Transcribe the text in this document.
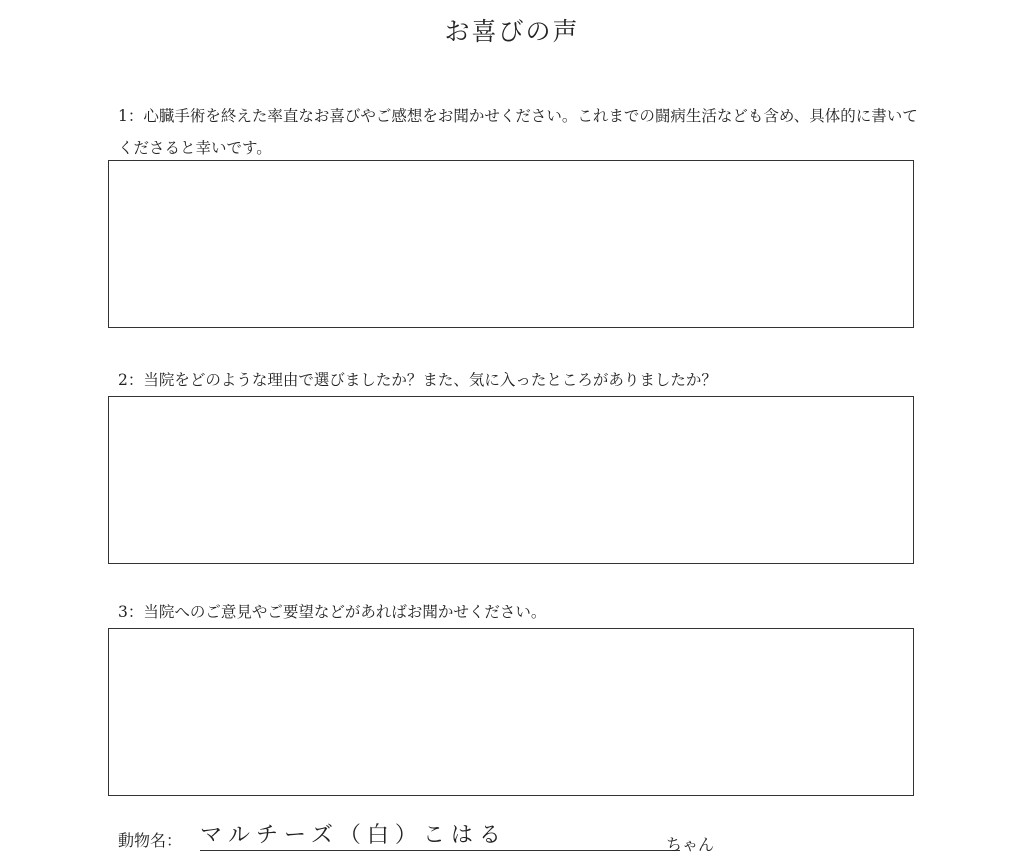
お喜びの声
1：心臓手術を終えた率直なお喜びやご感想をお聞かせください。これまでの闘病生活なども含め、具体的に書いてくださると幸いです。
2：当院をどのような理由で選びましたか？また、気に入ったところがありましたか？
3：当院へのご意見やご要望などがあればお聞かせください。
動物名： マルチーズ（白）こはる	ちゃん
